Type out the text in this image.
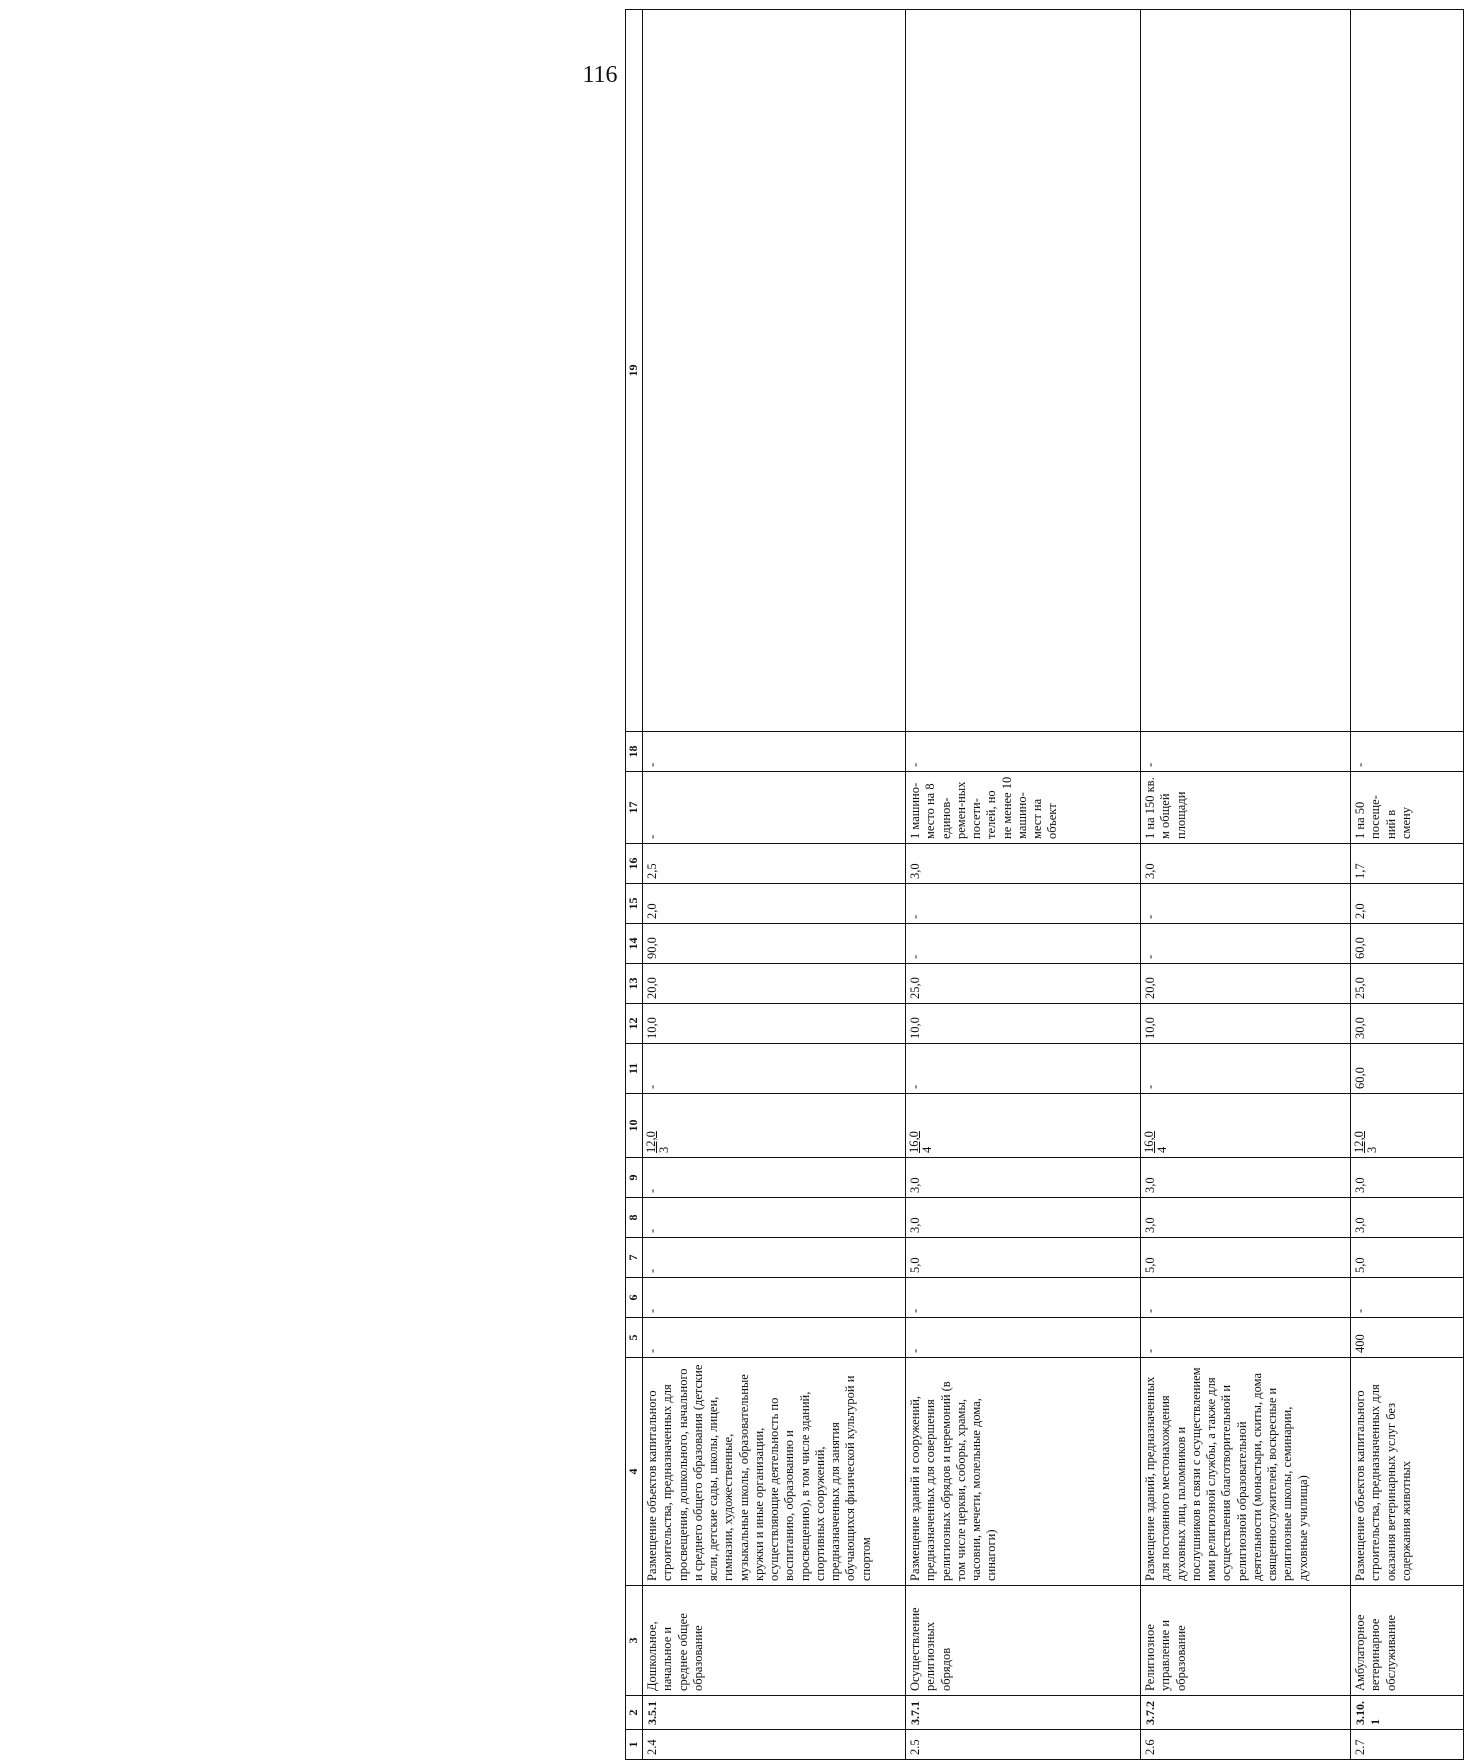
116
1	2	3	4	5	6	7	8	9	10	11	12	13	14	15	16	17	18	19
2.4	3.5.1	Дошкольное, начальное и среднее общее образование	Размещение объектов капитального строительства, предназначенных для просвещения, дошкольного, начального и среднего общего образования (детские ясли, детские сады, школы, лицеи, гимназии, художественные, музыкальные школы, образовательные кружки и иные организации, осуществляющие деятельность по воспитанию, образованию и просвещению), в том числе зданий, спортивных сооружений, предназначенных для занятия обучающихся физической культурой и спортом	-	-	-	-	-	12,0 3	-	10,0	20,0	90,0	2,0	2,5	-	-	
2.5	3.7.1	Осуществление религиозных обрядов	Размещение зданий и сооружений, предназначенных для совершения религиозных обрядов и церемоний (в том числе церкви, соборы, храмы, часовни, мечети, молельные дома, синагоги)	-	-	5,0	3,0	3,0	16,0 4	-	10,0	25,0	-	-	3,0	1 машино-место на 8 единов-ремен-ных посети-телей, но не менее 10 машино-мест на объект	-	
2.6	3.7.2	Религиозное управление и образование	Размещение зданий, предназначенных для постоянного местонахождения духовных лиц, паломников и послушников в связи с осуществлением ими религиозной службы, а также для осуществления благотворительной и религиозной образовательной деятельности (монастыри, скиты, дома священнослужителей, воскресные и религиозные школы, семинарии, духовные училища)	-	-	5,0	3,0	3,0	16,0 4	-	10,0	20,0	-	-	3,0	1 на 150 кв. м общей площади	-	
2.7	3.10.1	Амбулаторное ветеринарное обслуживание	Размещение объектов капитального строительства, предназначенных для оказания ветеринарных услуг без содержания животных	400	-	5,0	3,0	3,0	12,0 3	60,0	30,0	25,0	60,0	2,0	1,7	1 на 50 посеще-ний в смену	-	
